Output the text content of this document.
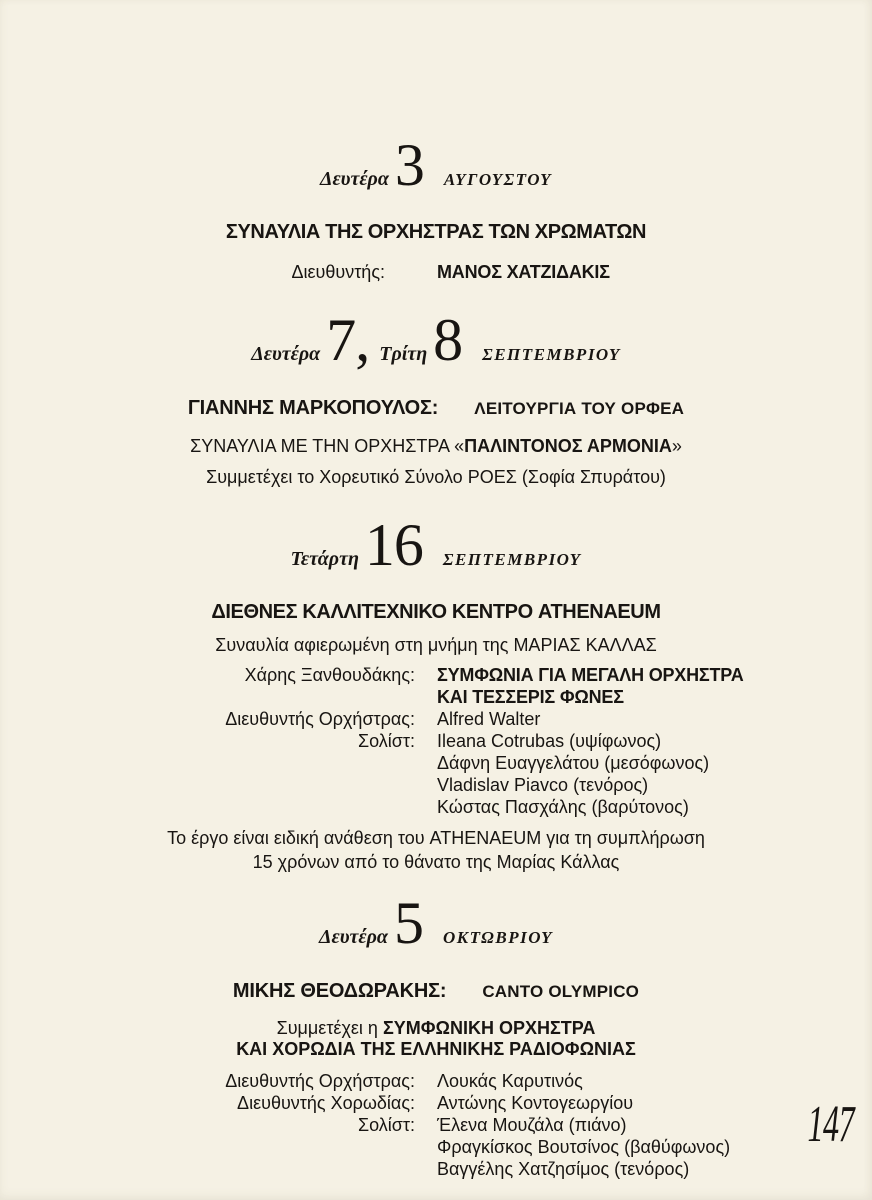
Δευτέρα 3 ΑΥΓΟΥΣΤΟΥ
ΣΥΝΑΥΛΙΑ ΤΗΣ ΟΡΧΗΣΤΡΑΣ ΤΩΝ ΧΡΩΜΑΤΩΝ
Διευθυντής:	ΜΑΝΟΣ ΧΑΤΖΙΔΑΚΙΣ
Δευτέρα 7, Τρίτη 8 ΣΕΠΤΕΜΒΡΙΟΥ
ΓΙΑΝΝΗΣ ΜΑΡΚΟΠΟΥΛΟΣ: ΛΕΙΤΟΥΡΓΙΑ ΤΟΥ ΟΡΦΕΑ
ΣΥΝΑΥΛΙΑ ΜΕ ΤΗΝ ΟΡΧΗΣΤΡΑ «ΠΑΛΙΝΤΟΝΟΣ ΑΡΜΟΝΙΑ»
Συμμετέχει το Χορευτικό Σύνολο ΡΟΕΣ (Σοφία Σπυράτου)
Τετάρτη 16 ΣΕΠΤΕΜΒΡΙΟΥ
ΔΙΕΘΝΕΣ ΚΑΛΛΙΤΕΧΝΙΚΟ ΚΕΝΤΡΟ ATHENAEUM
Συναυλία αφιερωμένη στη μνήμη της ΜΑΡΙΑΣ ΚΑΛΛΑΣ
Χάρης Ξανθουδάκης: ΣΥΜΦΩΝΙΑ ΓΙΑ ΜΕΓΑΛΗ ΟΡΧΗΣΤΡΑ
ΚΑΙ ΤΕΣΣΕΡΙΣ ΦΩΝΕΣ
Διευθυντής Ορχήστρας: Alfred Walter
Σολίστ: Ileana Cotrubas (υψίφωνος)
Δάφνη Ευαγγελάτου (μεσόφωνος)
Vladislav Piavco (τενόρος)
Κώστας Πασχάλης (βαρύτονος)
Το έργο είναι ειδική ανάθεση του ATHENAEUM για τη συμπλήρωση
15 χρόνων από το θάνατο της Μαρίας Κάλλας
Δευτέρα 5 ΟΚΤΩΒΡΙΟΥ
ΜΙΚΗΣ ΘΕΟΔΩΡΑΚΗΣ: CANTO OLYMPICO
Συμμετέχει η ΣΥΜΦΩΝΙΚΗ ΟΡΧΗΣΤΡΑ
ΚΑΙ ΧΟΡΩΔΙΑ ΤΗΣ ΕΛΛΗΝΙΚΗΣ ΡΑΔΙΟΦΩΝΙΑΣ
Διευθυντής Ορχήστρας: Λουκάς Καρυτινός
Διευθυντής Χορωδίας: Αντώνης Κοντογεωργίου
Σολίστ: Έλενα Μουζάλα (πιάνο)
Φραγκίσκος Βουτσίνος (βαθύφωνος)
Βαγγέλης Χατζησίμος (τενόρος)
147
